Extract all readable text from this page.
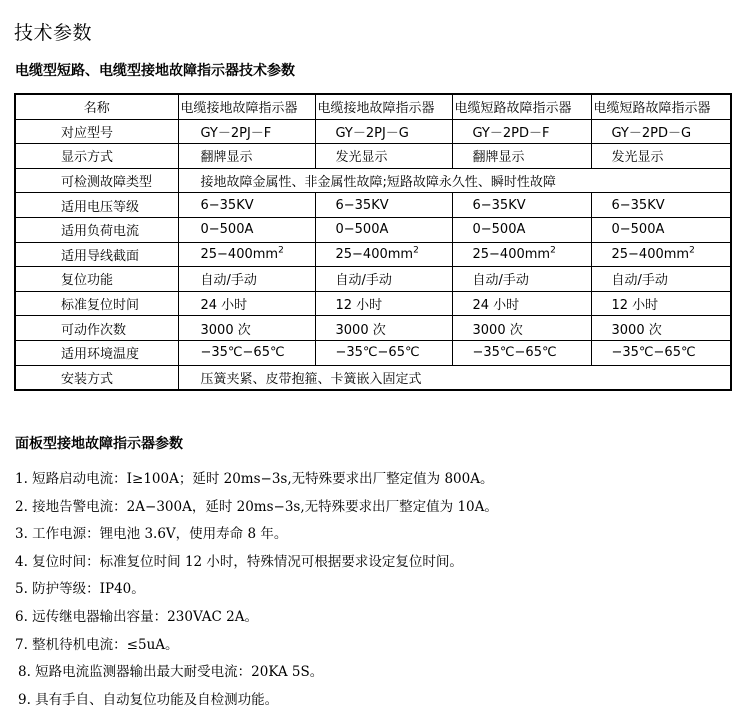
技术参数
电缆型短路、电缆型接地故障指示器技术参数
名称	电缆接地故障指示器	电缆接地故障指示器	电缆短路故障指示器	电缆短路故障指示器
对应型号	GY－2PJ－F	GY－2PJ－G	GY－2PD－F	GY－2PD－G
显示方式	翻牌显示	发光显示	翻牌显示	发光显示
可检测故障类型	接地故障金属性、非金属性故障;短路故障永久性、瞬时性故障			
适用电压等级	6−35KV	6−35KV	6−35KV	6−35KV
适用负荷电流	0−500A	0−500A	0−500A	0−500A
适用导线截面	$25-400mm^2$	$25-400mm^2$	$25-400mm^2$	$25-400mm^2$
复位功能	自动/手动	自动/手动	自动/手动	自动/手动
标准复位时间	24 小时	12 小时	24 小时	12 小时
可动作次数	3000 次	3000 次	3000 次	3000 次
适用环境温度	−35℃−65℃	−35℃−65℃	−35℃−65℃	−35℃−65℃
安装方式	压簧夹紧、皮带抱箍、卡簧嵌入固定式			
面板型接地故障指示器参数
1. 短路启动电流：I≥100A；延时 20ms−3s,无特殊要求出厂整定值为 800A。
2. 接地告警电流：2A−300A，延时 20ms−3s,无特殊要求出厂整定值为 10A。
3. 工作电源：锂电池 3.6V，使用寿命 8 年。
4. 复位时间：标准复位时间 12 小时，特殊情况可根据要求设定复位时间。
5. 防护等级：IP40。
6. 远传继电器输出容量：230VAC 2A。
7. 整机待机电流：≤5uA。
8. 短路电流监测器输出最大耐受电流：20KA 5S。
9. 具有手自、自动复位功能及自检测功能。
